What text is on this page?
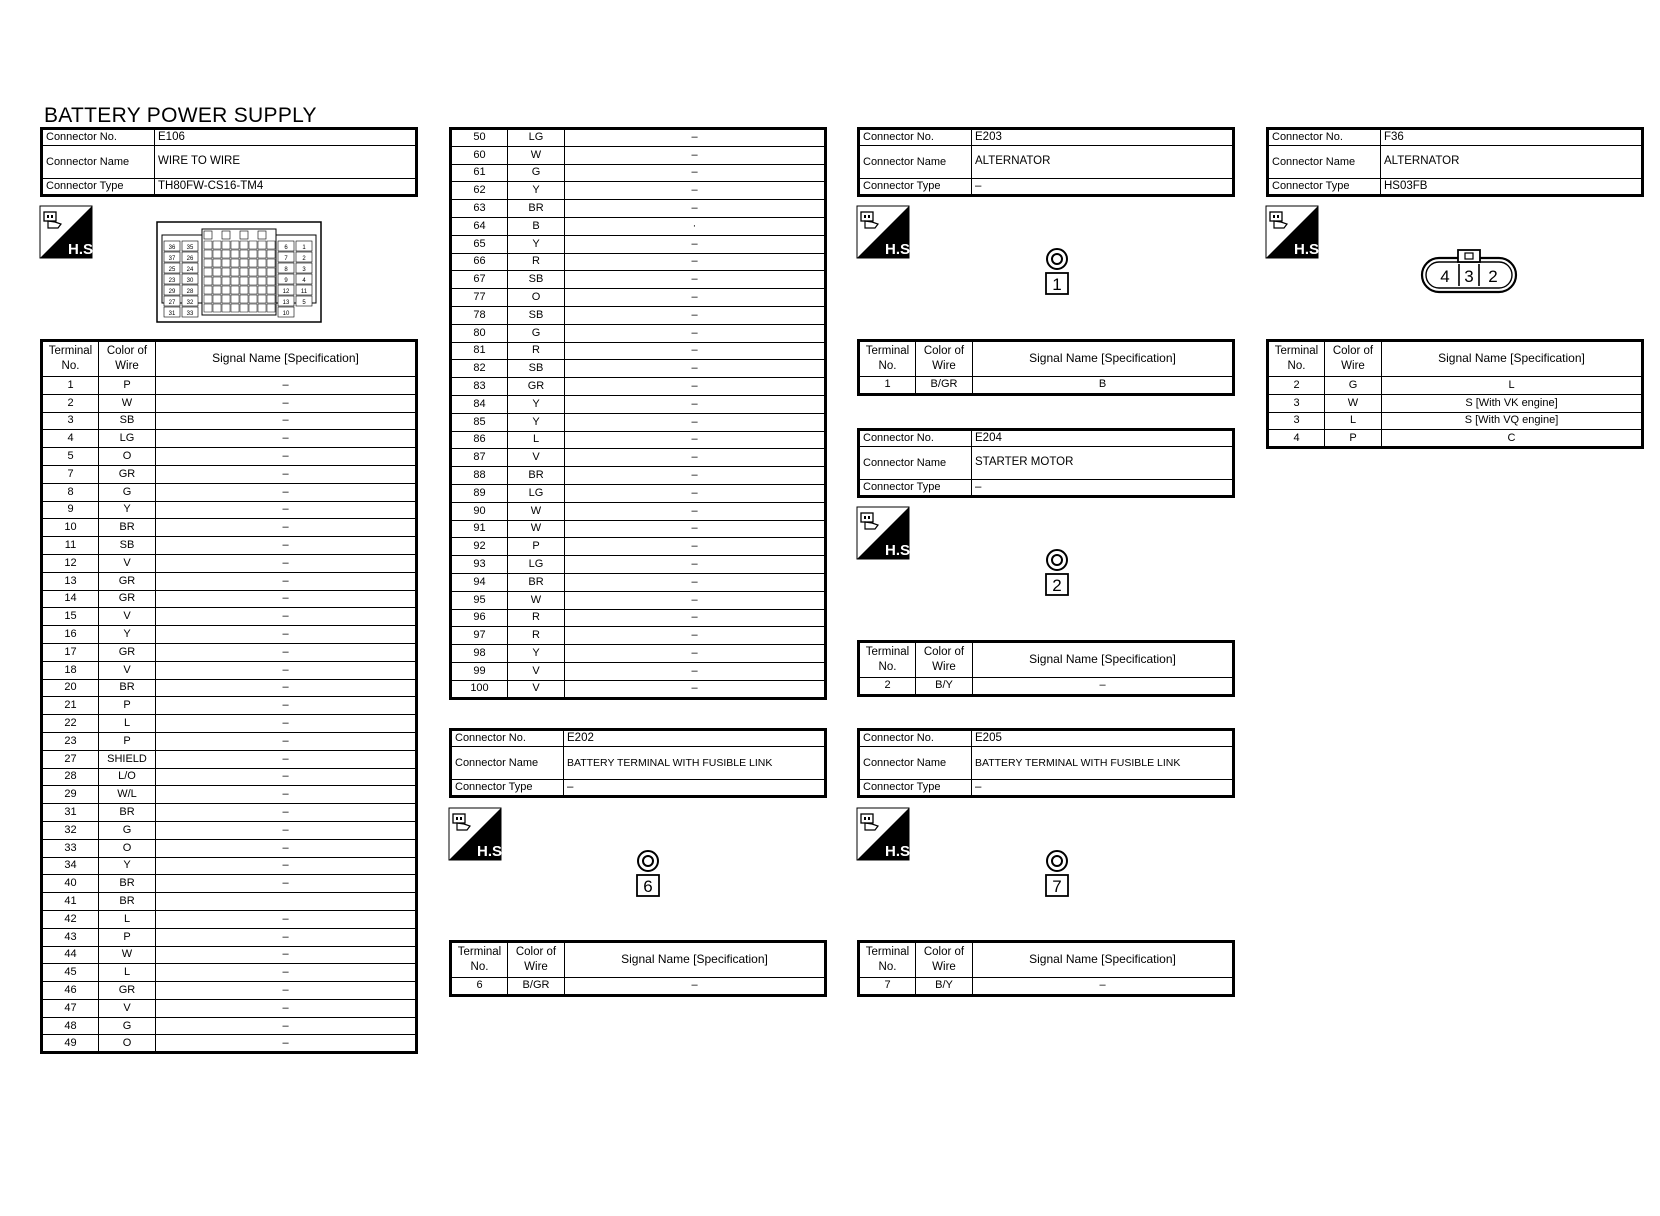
BATTERY POWER SUPPLY
Connector No.	E106
Connector Name	WIRE TO WIRE
Connector Type	TH80FW-CS16-TM4
H.S.	36 35
37 26
25 24
23 30
29 28
27 32
31 33
6 1
7 2
8 3
9 4
12 11
13 5
10
Terminal No.	Color of Wire	Signal Name [Specification]
1	P	–
2	W	–
3	SB	–
4	LG	–
5	O	–
7	GR	–
8	G	–
9	Y	–
10	BR	–
11	SB	–
12	V	–
13	GR	–
14	GR	–
15	V	–
16	Y	–
17	GR	–
18	V	–
20	BR	–
21	P	–
22	L	–
23	P	–
27	SHIELD	–
28	L/O	–
29	W/L	–
31	BR	–
32	G	–
33	O	–
34	Y	–
40	BR	–
41	BR	
42	L	–
43	P	–
44	W	–
45	L	–
46	GR	–
47	V	–
48	G	–
49	O	–
50	LG	–
60	W	–
61	G	–
62	Y	–
63	BR	–
64	B	·
65	Y	–
66	R	–
67	SB	–
77	O	–
78	SB	–
80	G	–
81	R	–
82	SB	–
83	GR	–
84	Y	–
85	Y	–
86	L	–
87	V	–
88	BR	–
89	LG	–
90	W	–
91	W	–
92	P	–
93	LG	–
94	BR	–
95	W	–
96	R	–
97	R	–
98	Y	–
99	V	–
100	V	–
Connector No.	E202
Connector Name	BATTERY TERMINAL WITH FUSIBLE LINK
Connector Type	–
H.S.
6
Terminal No.	Color of Wire	Signal Name [Specification]
6	B/GR	–
Connector No.	E203
Connector Name	ALTERNATOR
Connector Type	–
H.S.
1
Terminal No.	Color of Wire	Signal Name [Specification]
1	B/GR	B
Connector No.	E204
Connector Name	STARTER MOTOR
Connector Type	–
H.S.
2
Terminal No.	Color of Wire	Signal Name [Specification]
2	B/Y	–
Connector No.	E205
Connector Name	BATTERY TERMINAL WITH FUSIBLE LINK
Connector Type	–
H.S.
7
Terminal No.	Color of Wire	Signal Name [Specification]
7	B/Y	–
Connector No.	F36
Connector Name	ALTERNATOR
Connector Type	HS03FB
H.S.
4 3 2
Terminal No.	Color of Wire	Signal Name [Specification]
2	G	L
3	W	S [With VK engine]
3	L	S [With VQ engine]
4	P	C
